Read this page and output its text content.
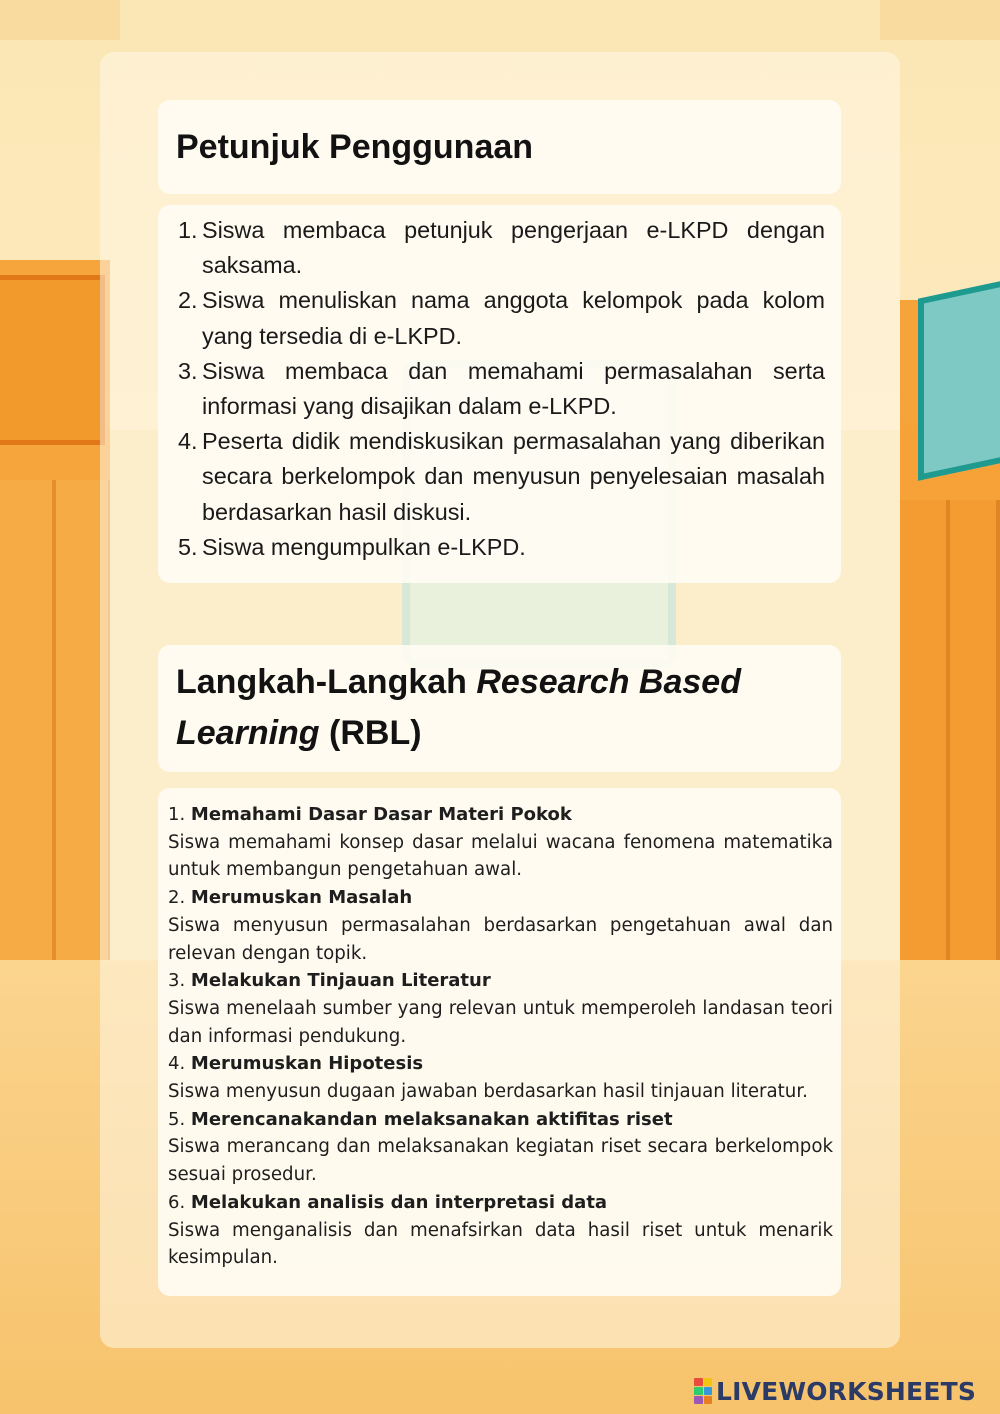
Petunjuk Penggunaan
1. Siswa membaca petunjuk pengerjaan e-LKPD dengan saksama.
2. Siswa menuliskan nama anggota kelompok pada kolom yang tersedia di e-LKPD.
3. Siswa membaca dan memahami permasalahan serta informasi yang disajikan dalam e-LKPD.
4. Peserta didik mendiskusikan permasalahan yang diberikan secara berkelompok dan menyusun penyelesaian masalah berdasarkan hasil diskusi.
5. Siswa mengumpulkan e-LKPD.
Langkah-Langkah Research Based
Learning (RBL)
1. Memahami Dasar Dasar Materi Pokok
Siswa memahami konsep dasar melalui wacana fenomena matematika untuk membangun pengetahuan awal.
2. Merumuskan Masalah
Siswa menyusun permasalahan berdasarkan pengetahuan awal dan relevan dengan topik.
3. Melakukan Tinjauan Literatur
Siswa menelaah sumber yang relevan untuk memperoleh landasan teori dan informasi pendukung.
4. Merumuskan Hipotesis
Siswa menyusun dugaan jawaban berdasarkan hasil tinjauan literatur.
5. Merencanakandan melaksanakan aktifitas riset
Siswa merancang dan melaksanakan kegiatan riset secara berkelompok sesuai prosedur.
6. Melakukan analisis dan interpretasi data
Siswa menganalisis dan menafsirkan data hasil riset untuk menarik kesimpulan.
LIVEWORKSHEETS
